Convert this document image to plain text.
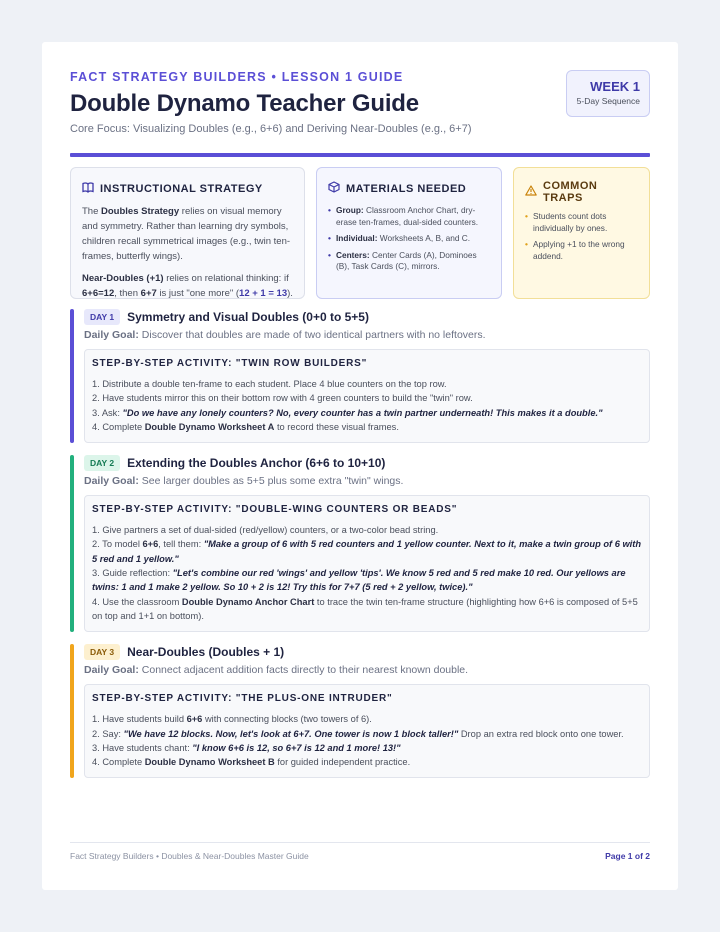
FACT STRATEGY BUILDERS • LESSON 1 GUIDE
Double Dynamo Teacher Guide
Core Focus: Visualizing Doubles (e.g., 6+6) and Deriving Near-Doubles (e.g., 6+7)
WEEK 1
5-Day Sequence
INSTRUCTIONAL STRATEGY

The Doubles Strategy relies on visual memory and symmetry. Rather than learning dry symbols, children recall symmetrical images (e.g., twin ten-frames, butterfly wings).

Near-Doubles (+1) relies on relational thinking: if 6+6=12, then 6+7 is just "one more" (12 + 1 = 13).

MATERIALS NEEDED
• Group: Classroom Anchor Chart, dry-erase ten-frames, dual-sided counters.
• Individual: Worksheets A, B, and C.
• Centers: Center Cards (A), Dominoes (B), Task Cards (C), mirrors.
COMMON TRAPS
• Students count dots individually by ones.
• Applying +1 to the wrong addend.
DAY 1	Symmetry and Visual Doubles (0+0 to 5+5)
Daily Goal: Discover that doubles are made of two identical partners with no leftovers.
STEP-BY-STEP ACTIVITY: "TWIN ROW BUILDERS"
1. Distribute a double ten-frame to each student. Place 4 blue counters on the top row.
2. Have students mirror this on their bottom row with 4 green counters to build the "twin" row.
3. Ask: "Do we have any lonely counters? No, every counter has a twin partner underneath! This makes it a double."
4. Complete Double Dynamo Worksheet A to record these visual frames.
DAY 2	Extending the Doubles Anchor (6+6 to 10+10)
Daily Goal: See larger doubles as 5+5 plus some extra "twin" wings.
STEP-BY-STEP ACTIVITY: "DOUBLE-WING COUNTERS OR BEADS"
1. Give partners a set of dual-sided (red/yellow) counters, or a two-color bead string.
2. To model 6+6, tell them: "Make a group of 6 with 5 red counters and 1 yellow counter. Next to it, make a twin group of 6 with 5 red and 1 yellow."
3. Guide reflection: "Let's combine our red 'wings' and yellow 'tips'. We know 5 red and 5 red make 10 red. Our yellows are twins: 1 and 1 make 2 yellow. So 10 + 2 is 12! Try this for 7+7 (5 red + 2 yellow, twice)."
4. Use the classroom Double Dynamo Anchor Chart to trace the twin ten-frame structure (highlighting how 6+6 is composed of 5+5 on top and 1+1 on bottom).
DAY 3	Near-Doubles (Doubles + 1)
Daily Goal: Connect adjacent addition facts directly to their nearest known double.
STEP-BY-STEP ACTIVITY: "THE PLUS-ONE INTRUDER"
1. Have students build 6+6 with connecting blocks (two towers of 6).
2. Say: "We have 12 blocks. Now, let's look at 6+7. One tower is now 1 block taller!" Drop an extra red block onto one tower.
3. Have students chant: "I know 6+6 is 12, so 6+7 is 12 and 1 more! 13!"
4. Complete Double Dynamo Worksheet B for guided independent practice.
Fact Strategy Builders • Doubles & Near-Doubles Master Guide	Page 1 of 2
